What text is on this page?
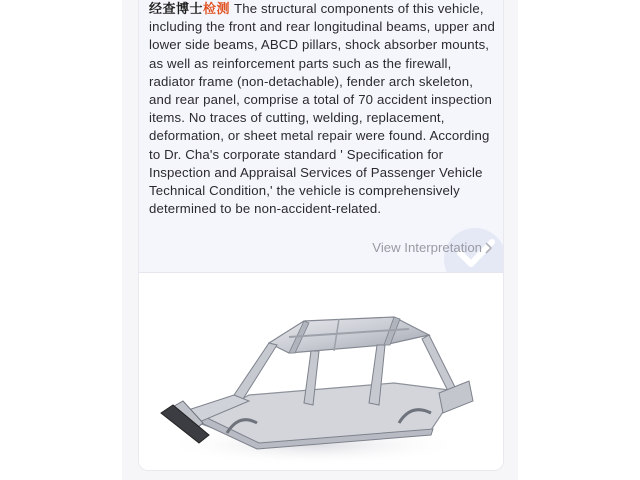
经查博士检测 The structural components of this vehicle, including the front and rear longitudinal beams, upper and lower side beams, ABCD pillars, shock absorber mounts, as well as reinforcement parts such as the firewall, radiator frame (non-detachable), fender arch skeleton, and rear panel, comprise a total of 70 accident inspection items. No traces of cutting, welding, replacement, deformation, or sheet metal repair were found. According to Dr. Cha's corporate standard ' Specification for Inspection and Appraisal Services of Passenger Vehicle Technical Condition,' the vehicle is comprehensively determined to be non-accident-related.
View Interpretation
